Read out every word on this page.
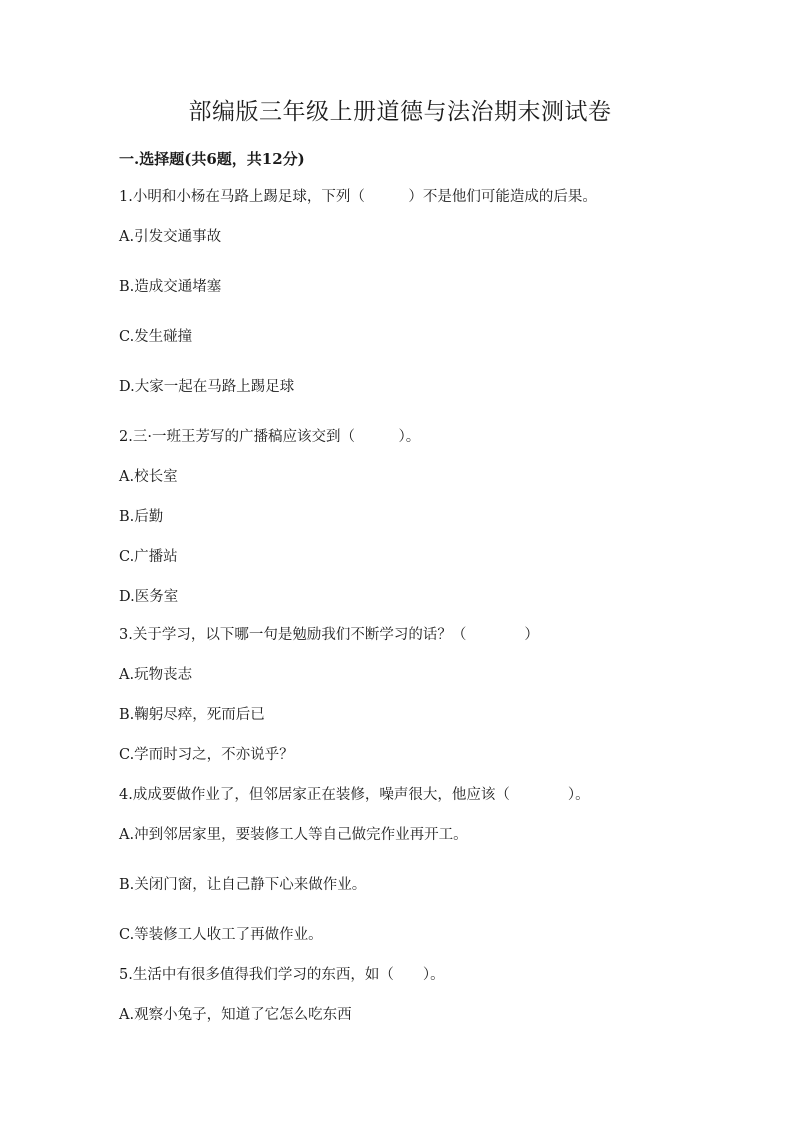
部编版三年级上册道德与法治期末测试卷
一.选择题(共6题，共12分)
1.小明和小杨在马路上踢足球，下列（　　　）不是他们可能造成的后果。
A.引发交通事故
B.造成交通堵塞
C.发生碰撞
D.大家一起在马路上踢足球
2.三·一班王芳写的广播稿应该交到（　　　）。
A.校长室
B.后勤
C.广播站
D.医务室
3.关于学习，以下哪一句是勉励我们不断学习的话？（　　　　）
A.玩物丧志
B.鞠躬尽瘁，死而后已
C.学而时习之，不亦说乎？
4.成成要做作业了，但邻居家正在装修，噪声很大，他应该（　　　　）。
A.冲到邻居家里，要装修工人等自己做完作业再开工。
B.关闭门窗，让自己静下心来做作业。
C.等装修工人收工了再做作业。
5.生活中有很多值得我们学习的东西，如（　　）。
A.观察小兔子，知道了它怎么吃东西
